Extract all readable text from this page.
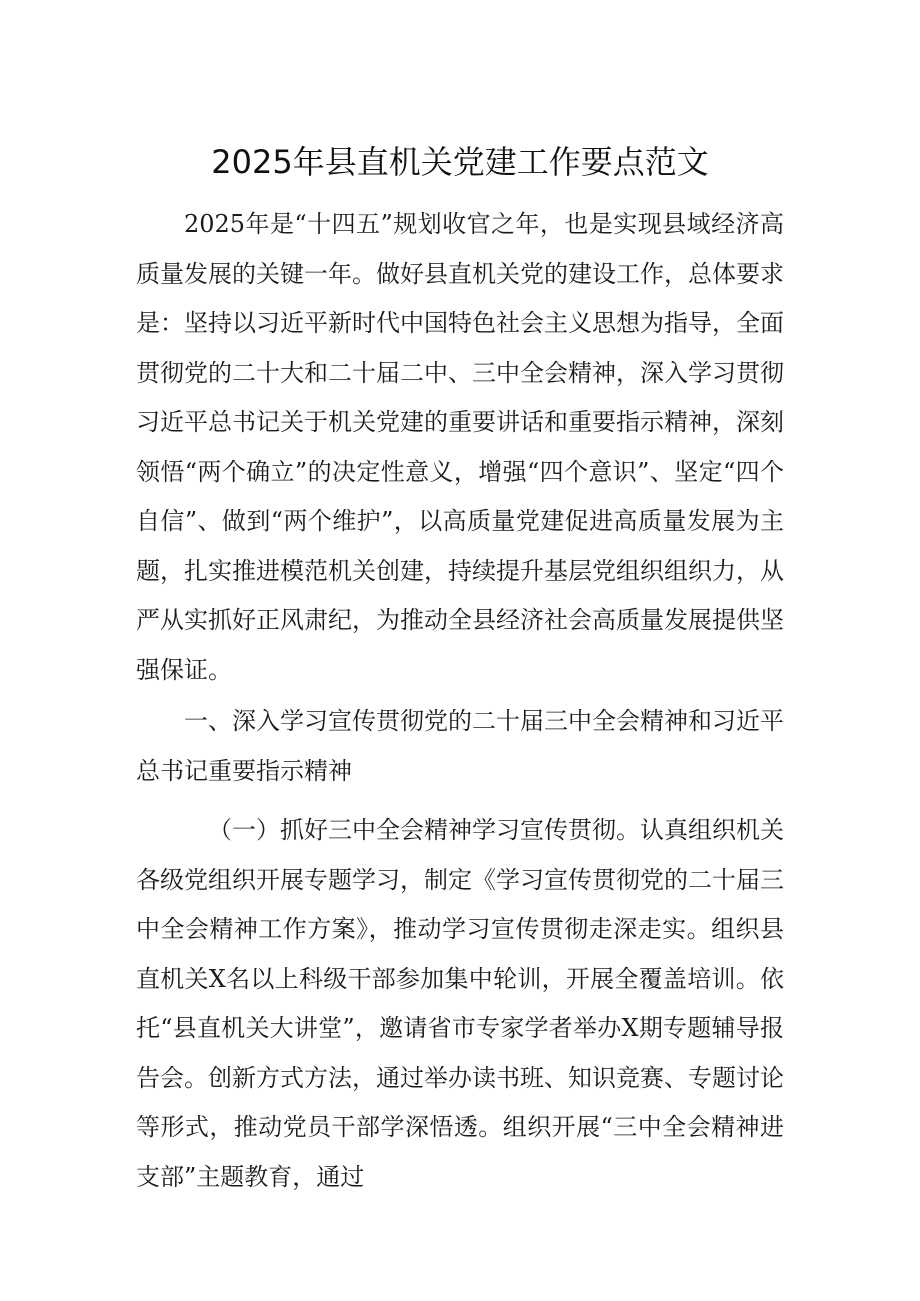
2025年县直机关党建工作要点范文

2025年是“十四五”规划收官之年，也是实现县域经济高质量发展的关键一年。做好县直机关党的建设工作，总体要求是：坚持以习近平新时代中国特色社会主义思想为指导，全面贯彻党的二十大和二十届二中、三中全会精神，深入学习贯彻习近平总书记关于机关党建的重要讲话和重要指示精神，深刻领悟“两个确立”的决定性意义，增强“四个意识”、坚定“四个自信”、做到“两个维护”，以高质量党建促进高质量发展为主题，扎实推进模范机关创建，持续提升基层党组织组织力，从严从实抓好正风肃纪，为推动全县经济社会高质量发展提供坚强保证。

一、深入学习宣传贯彻党的二十届三中全会精神和习近平总书记重要指示精神

（一）抓好三中全会精神学习宣传贯彻。认真组织机关各级党组织开展专题学习，制定《学习宣传贯彻党的二十届三中全会精神工作方案》，推动学习宣传贯彻走深走实。组织县直机关X名以上科级干部参加集中轮训，开展全覆盖培训。依托“县直机关大讲堂”，邀请省市专家学者举办X期专题辅导报告会。创新方式方法，通过举办读书班、知识竞赛、专题讨论等形式，推动党员干部学深悟透。组织开展“三中全会精神进支部”主题教育，通过
